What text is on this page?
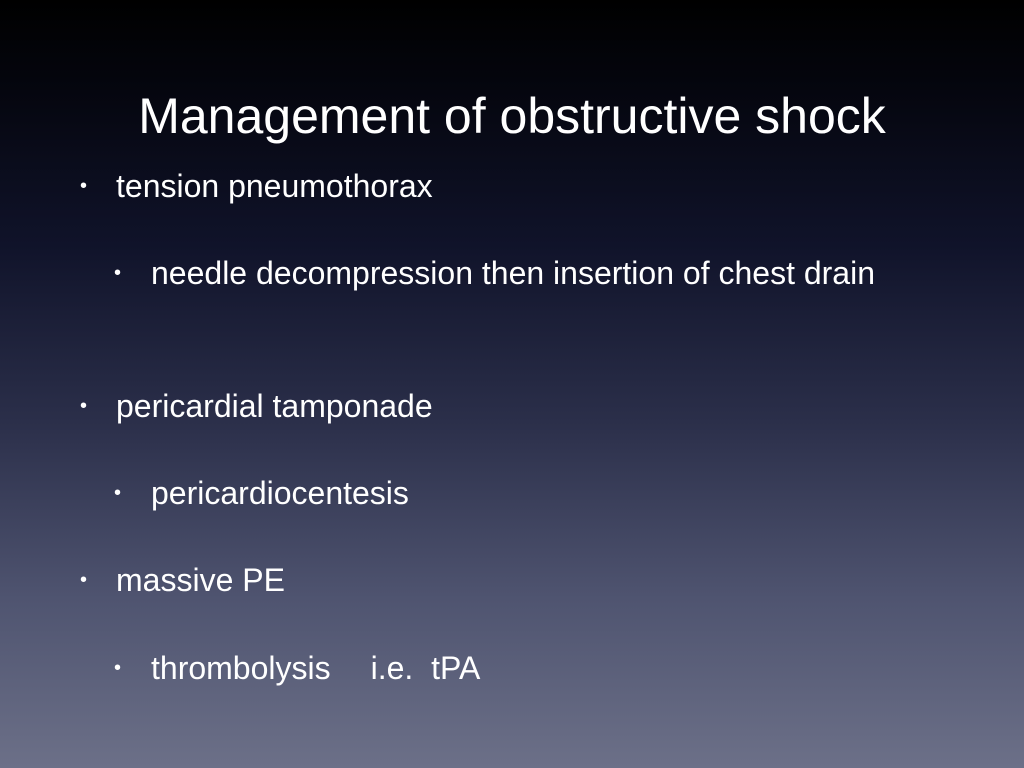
Management of obstructive shock
• tension pneumothorax
• needle decompression then insertion of chest drain
• pericardial tamponade
• pericardiocentesis
• massive PE
• thrombolysis i.e.  tPA
